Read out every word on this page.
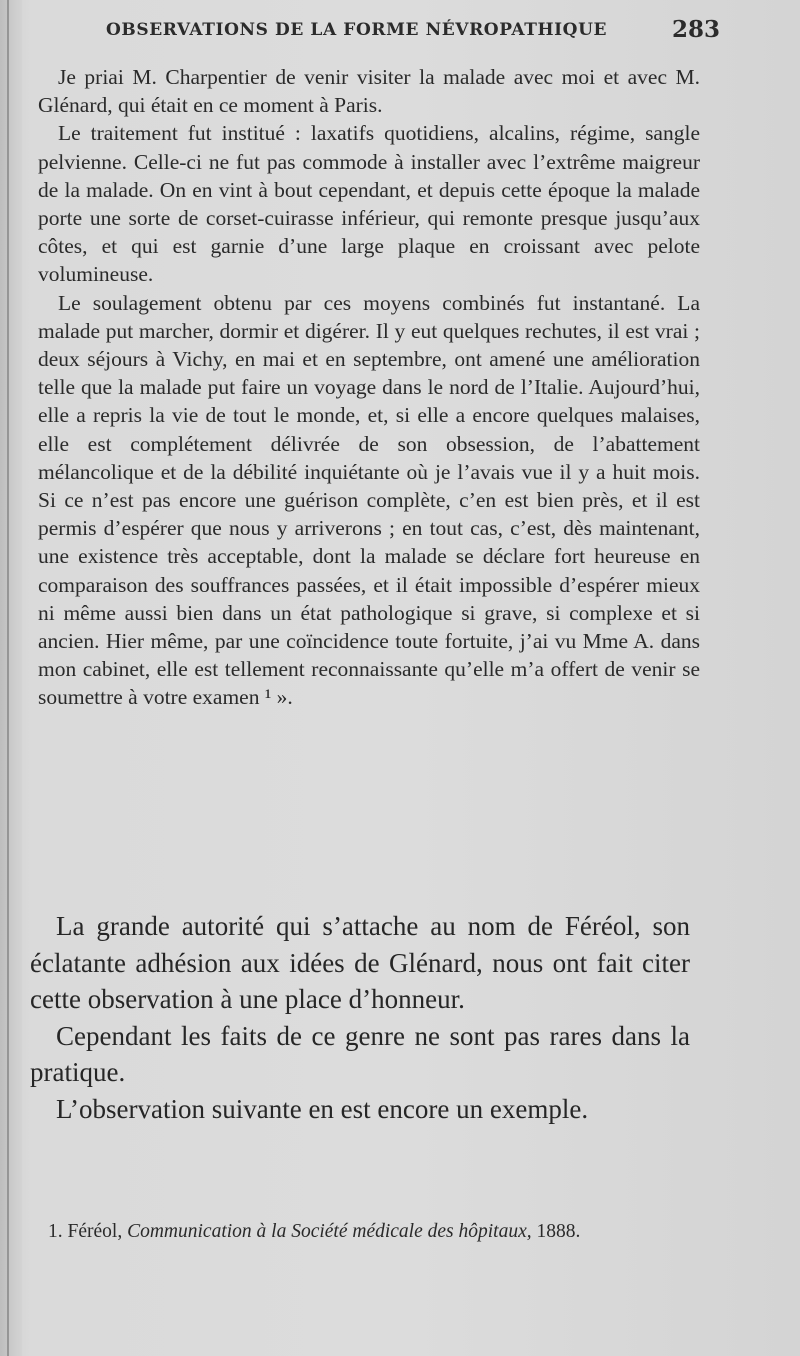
OBSERVATIONS DE LA FORME NÉVROPATHIQUE	283

Je priai M. Charpentier de venir visiter la malade avec moi et avec M. Glénard, qui était en ce moment à Paris.

Le traitement fut institué : laxatifs quotidiens, alcalins, régime, sangle pelvienne. Celle-ci ne fut pas commode à installer avec l’extrême maigreur de la malade. On en vint à bout cependant, et depuis cette époque la malade porte une sorte de corset-cuirasse inférieur, qui remonte presque jusqu’aux côtes, et qui est garnie d’une large plaque en croissant avec pelote volumineuse.

Le soulagement obtenu par ces moyens combinés fut instantané. La malade put marcher, dormir et digérer. Il y eut quelques rechutes, il est vrai ; deux séjours à Vichy, en mai et en septembre, ont amené une amélioration telle que la malade put faire un voyage dans le nord de l’Italie. Aujourd’hui, elle a repris la vie de tout le monde, et, si elle a encore quelques malaises, elle est complétement délivrée de son obsession, de l’abattement mélancolique et de la débilité inquiétante où je l’avais vue il y a huit mois. Si ce n’est pas encore une guérison complète, c’en est bien près, et il est permis d’espérer que nous y arriverons ; en tout cas, c’est, dès maintenant, une existence très acceptable, dont la malade se déclare fort heureuse en comparaison des souffrances passées, et il était impossible d’espérer mieux ni même aussi bien dans un état pathologique si grave, si complexe et si ancien. Hier même, par une coïncidence toute fortuite, j’ai vu Mme A. dans mon cabinet, elle est tellement reconnaissante qu’elle m’a offert de venir se soumettre à votre examen ¹ ».

La grande autorité qui s’attache au nom de Féréol, son éclatante adhésion aux idées de Glénard, nous ont fait citer cette observation à une place d’honneur.

Cependant les faits de ce genre ne sont pas rares dans la pratique.

L’observation suivante en est encore un exemple.

1. Féréol, Communication à la Société médicale des hôpitaux, 1888.
